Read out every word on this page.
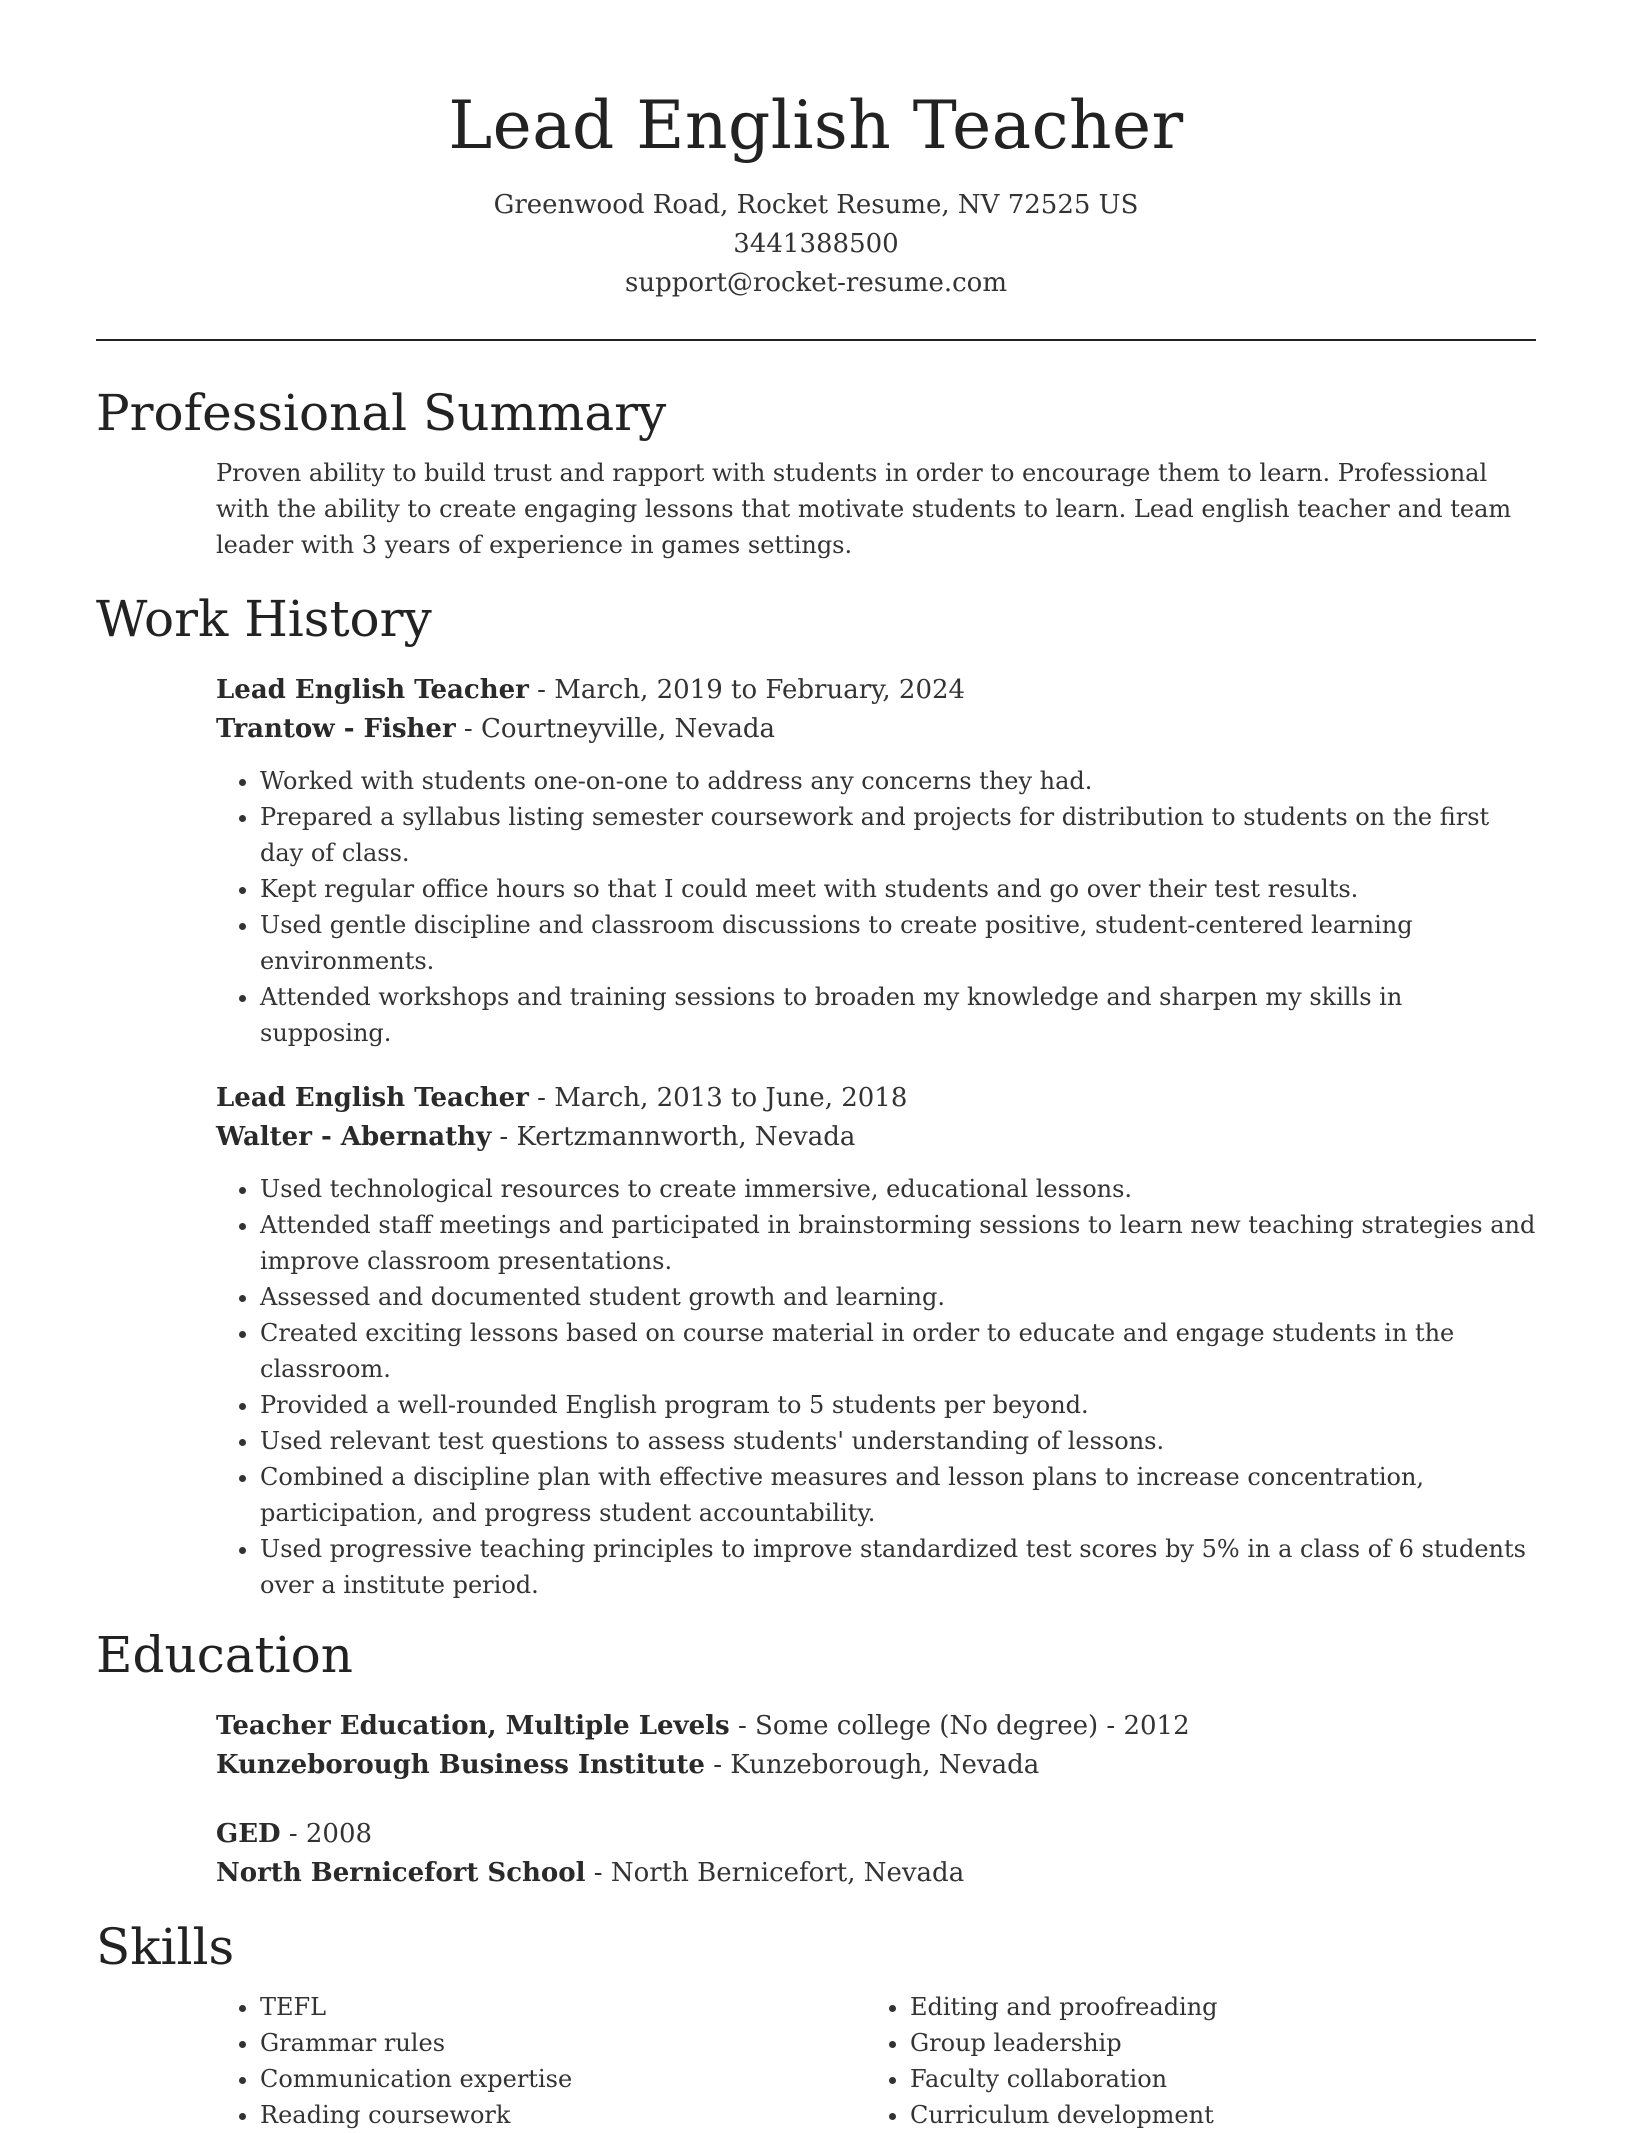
Lead English Teacher
Greenwood Road, Rocket Resume, NV 72525 US
3441388500
support@rocket-resume.com
Professional Summary

Proven ability to build trust and rapport with students in order to encourage them to learn. Professional with the ability to create engaging lessons that motivate students to learn. Lead english teacher and team leader with 3 years of experience in games settings.

Work History
Lead English Teacher - March, 2019 to February, 2024
Trantow - Fisher - Courtneyville, Nevada
• Worked with students one-on-one to address any concerns they had.
• Prepared a syllabus listing semester coursework and projects for distribution to students on the first day of class.
• Kept regular office hours so that I could meet with students and go over their test results.
• Used gentle discipline and classroom discussions to create positive, student-centered learning environments.
• Attended workshops and training sessions to broaden my knowledge and sharpen my skills in supposing.
Lead English Teacher - March, 2013 to June, 2018
Walter - Abernathy - Kertzmannworth, Nevada
• Used technological resources to create immersive, educational lessons.
• Attended staff meetings and participated in brainstorming sessions to learn new teaching strategies and improve classroom presentations.
• Assessed and documented student growth and learning.
• Created exciting lessons based on course material in order to educate and engage students in the classroom.
• Provided a well-rounded English program to 5 students per beyond.
• Used relevant test questions to assess students' understanding of lessons.
• Combined a discipline plan with effective measures and lesson plans to increase concentration, participation, and progress student accountability.
• Used progressive teaching principles to improve standardized test scores by 5% in a class of 6 students over a institute period.
Education
Teacher Education, Multiple Levels - Some college (No degree) - 2012
Kunzeborough Business Institute - Kunzeborough, Nevada
GED - 2008
North Bernicefort School - North Bernicefort, Nevada
Skills
• TEFL
• Grammar rules
• Communication expertise
• Reading coursework
• Editing and proofreading
• Group leadership
• Faculty collaboration
• Curriculum development
